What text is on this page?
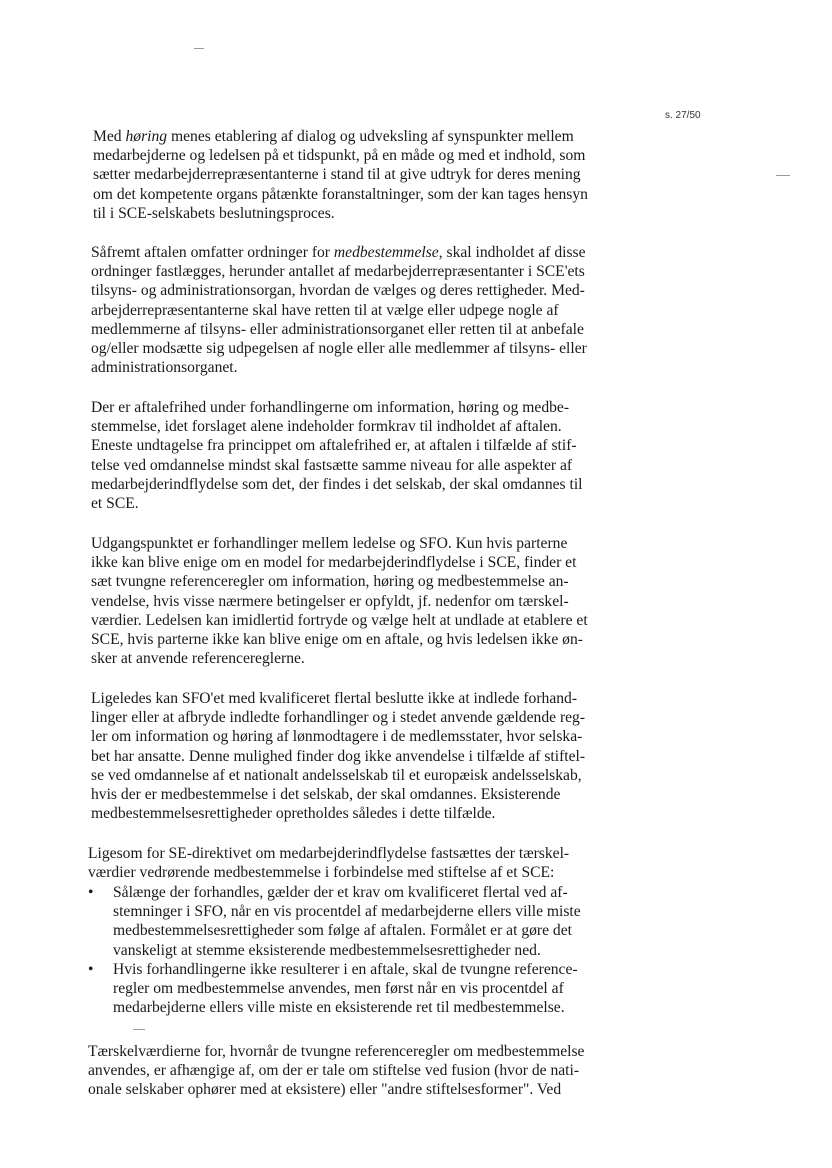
s. 27/50
Med høring menes etablering af dialog og udveksling af synspunkter mellem
medarbejderne og ledelsen på et tidspunkt, på en måde og med et indhold, som
sætter medarbejderrepræsentanterne i stand til at give udtryk for deres mening
om det kompetente organs påtænkte foranstaltninger, som der kan tages hensyn
til i SCE-selskabets beslutningsproces.
Såfremt aftalen omfatter ordninger for medbestemmelse, skal indholdet af disse
ordninger fastlægges, herunder antallet af medarbejderrepræsentanter i SCE'ets
tilsyns- og administrationsorgan, hvordan de vælges og deres rettigheder. Med-
arbejderrepræsentanterne skal have retten til at vælge eller udpege nogle af
medlemmerne af tilsyns- eller administrationsorganet eller retten til at anbefale
og/eller modsætte sig udpegelsen af nogle eller alle medlemmer af tilsyns- eller
administrationsorganet.
Der er aftalefrihed under forhandlingerne om information, høring og medbe-
stemmelse, idet forslaget alene indeholder formkrav til indholdet af aftalen.
Eneste undtagelse fra princippet om aftalefrihed er, at aftalen i tilfælde af stif-
telse ved omdannelse mindst skal fastsætte samme niveau for alle aspekter af
medarbejderindflydelse som det, der findes i det selskab, der skal omdannes til
et SCE.
Udgangspunktet er forhandlinger mellem ledelse og SFO. Kun hvis parterne
ikke kan blive enige om en model for medarbejderindflydelse i SCE, finder et
sæt tvungne referenceregler om information, høring og medbestemmelse an-
vendelse, hvis visse nærmere betingelser er opfyldt, jf. nedenfor om tærskel-
værdier. Ledelsen kan imidlertid fortryde og vælge helt at undlade at etablere et
SCE, hvis parterne ikke kan blive enige om en aftale, og hvis ledelsen ikke øn-
sker at anvende referencereglerne.
Ligeledes kan SFO'et med kvalificeret flertal beslutte ikke at indlede forhand-
linger eller at afbryde indledte forhandlinger og i stedet anvende gældende reg-
ler om information og høring af lønmodtagere i de medlemsstater, hvor selska-
bet har ansatte. Denne mulighed finder dog ikke anvendelse i tilfælde af stiftel-
se ved omdannelse af et nationalt andelsselskab til et europæisk andelsselskab,
hvis der er medbestemmelse i det selskab, der skal omdannes. Eksisterende
medbestemmelsesrettigheder opretholdes således i dette tilfælde.
Ligesom for SE-direktivet om medarbejderindflydelse fastsættes der tærskel-
værdier vedrørende medbestemmelse i forbindelse med stiftelse af et SCE:
• Sålænge der forhandles, gælder der et krav om kvalificeret flertal ved af-
stemninger i SFO, når en vis procentdel af medarbejderne ellers ville miste
medbestemmelsesrettigheder som følge af aftalen. Formålet er at gøre det
vanskeligt at stemme eksisterende medbestemmelsesrettigheder ned.
• Hvis forhandlingerne ikke resulterer i en aftale, skal de tvungne reference-
regler om medbestemmelse anvendes, men først når en vis procentdel af
medarbejderne ellers ville miste en eksisterende ret til medbestemmelse.
Tærskelværdierne for, hvornår de tvungne referenceregler om medbestemmelse
anvendes, er afhængige af, om der er tale om stiftelse ved fusion (hvor de nati-
onale selskaber ophører med at eksistere) eller "andre stiftelsesformer". Ved
